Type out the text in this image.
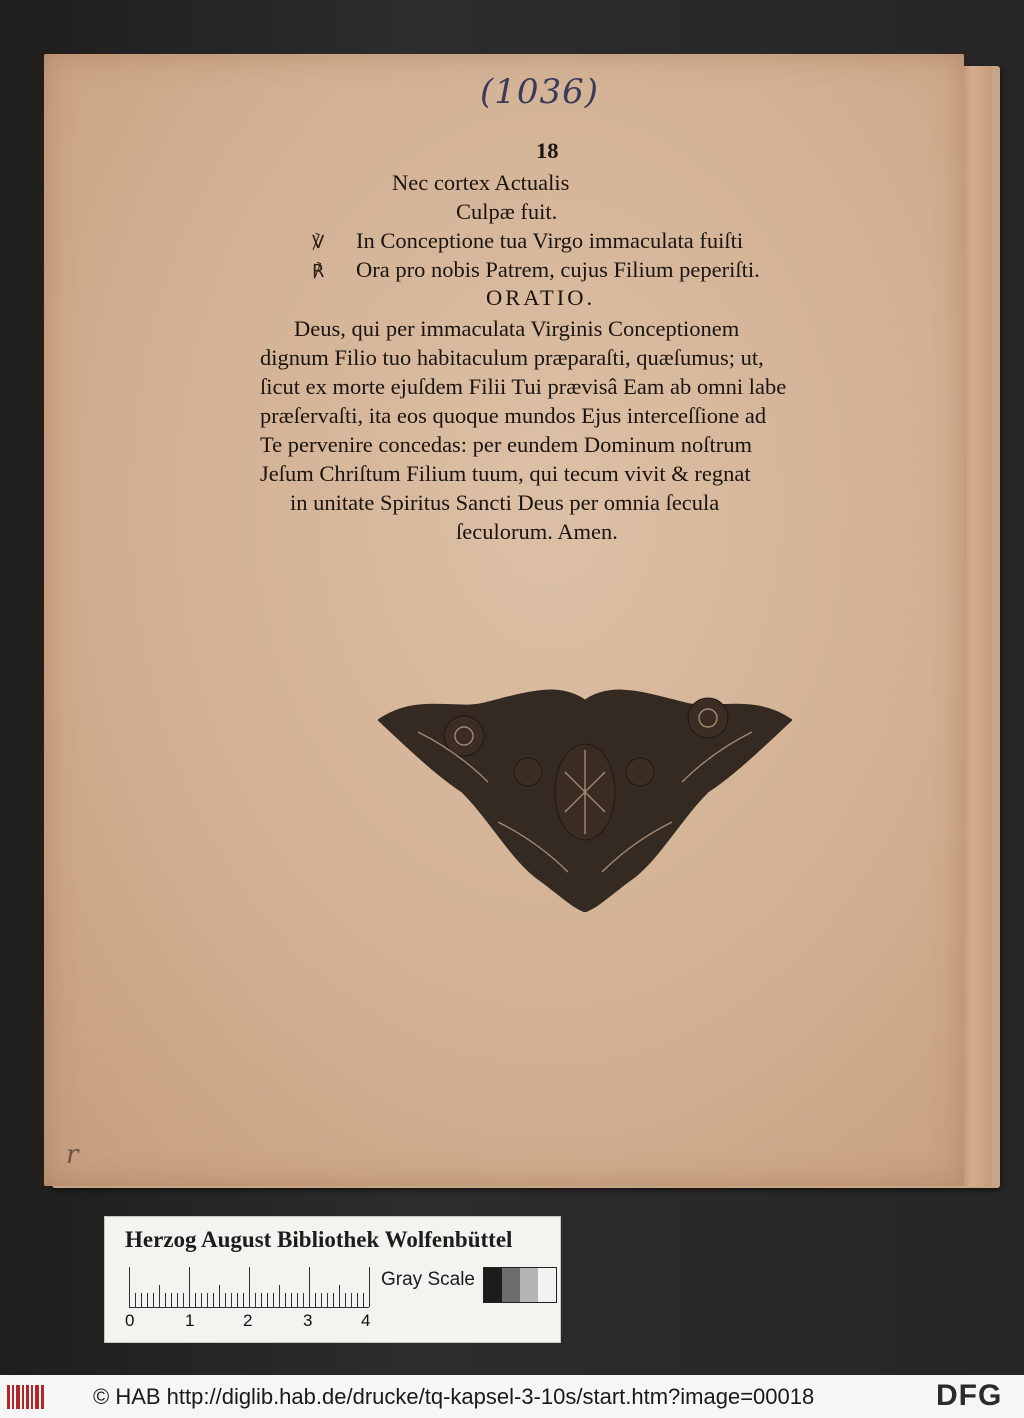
(1036)
18
Nec cortex Actualis
Culpæ fuit.
℣ In Conceptione tua Virgo immaculata fuiſti
℟ Ora pro nobis Patrem, cujus Filium peperiſti.
ORATIO.
Deus, qui per immaculata Virginis Conceptionem
dignum Filio tuo habitaculum præparaſti, quæſumus; ut,
ſicut ex morte ejuſdem Filii Tui prævisâ Eam ab omni labe
præſervaſti, ita eos quoque mundos Ejus interceſſione ad
Te pervenire concedas: per eundem Dominum noſtrum
Jeſum Chriſtum Filium tuum, qui tecum vivit & regnat
in unitate Spiritus Sancti Deus per omnia ſecula
ſeculorum. Amen.
r
Herzog August Bibliothek Wolfenbüttel
0	1	2	3	4
Gray Scale
© HAB http://diglib.hab.de/drucke/tq-kapsel-3-10s/start.htm?image=00018	DFG
